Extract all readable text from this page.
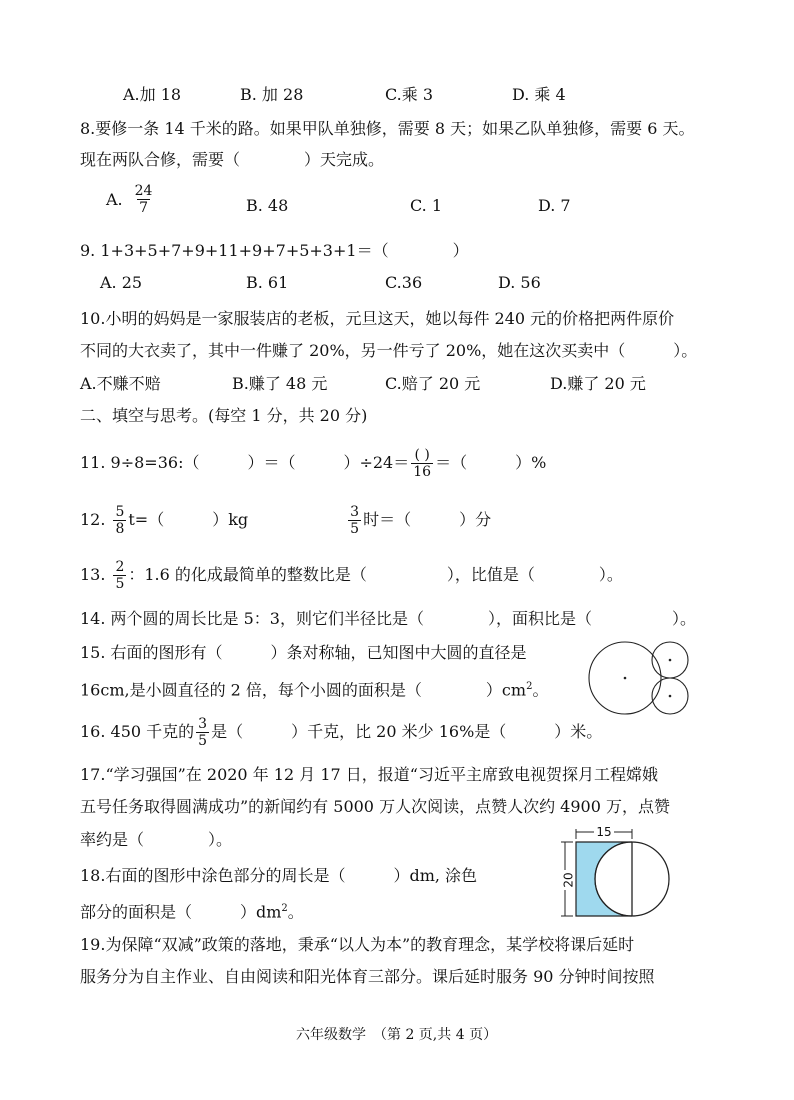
A.加 18	B. 加 28	C.乘 3	D. 乘 4
8.要修一条 14 千米的路。如果甲队单独修，需要 8 天；如果乙队单独修，需要 6 天。
现在两队合修，需要（　　　　）天完成。
A. $\frac{24}{7}$	B. 48	C. 1	D. 7
9. 1+3+5+7+9+11+9+7+5+3+1＝（　　　　）
A. 25	B. 61	C.36	D. 56
10.小明的妈妈是一家服装店的老板，元旦这天，她以每件 240 元的价格把两件原价
不同的大衣卖了，其中一件赚了 20%，另一件亏了 20%，她在这次买卖中（　　　）。
A.不赚不赔	B.赚了 48 元	C.赔了 20 元	D.赚了 20 元
二、填空与思考。(每空 1 分，共 20 分)
11. 9÷8=36:（　　　）＝（　　　）$\div 24= \frac{( )}{16}$ ＝（　　　）%
12. $\frac{5}{8} t=$（　　　）kg	$\frac{3}{5}$ 时＝（　　　）分
13. $\frac{2}{5}$ ：1.6 的化成最简单的整数比是（　　　　　），比值是（　　　　）。
14. 两个圆的周长比是 5：3，则它们半径比是（　　　　），面积比是（　　　　　）。
15. 右面的图形有（　　　）条对称轴，已知图中大圆的直径是
16cm,是小圆直径的 2 倍，每个小圆的面积是（　　　　）$cm^2$。
16. 450 千克的 $\frac{3}{5}$ 是（　　　）千克，比 20 米少 16%是（　　　）米。
17.“学习强国”在 2020 年 12 月 17 日，报道“习近平主席致电视贺探月工程嫦娥
五号任务取得圆满成功”的新闻约有 5000 万人次阅读，点赞人次约 4900 万，点赞
率约是（　　　　）。
18.右面的图形中涂色部分的周长是（　　　）dm, 涂色
部分的面积是（　　　）$dm^2$。
15
20
19.为保障“双减”政策的落地，秉承“以人为本”的教育理念，某学校将课后延时
服务分为自主作业、自由阅读和阳光体育三部分。课后延时服务 90 分钟时间按照
六年级数学　（第 2 页,共 4 页）
